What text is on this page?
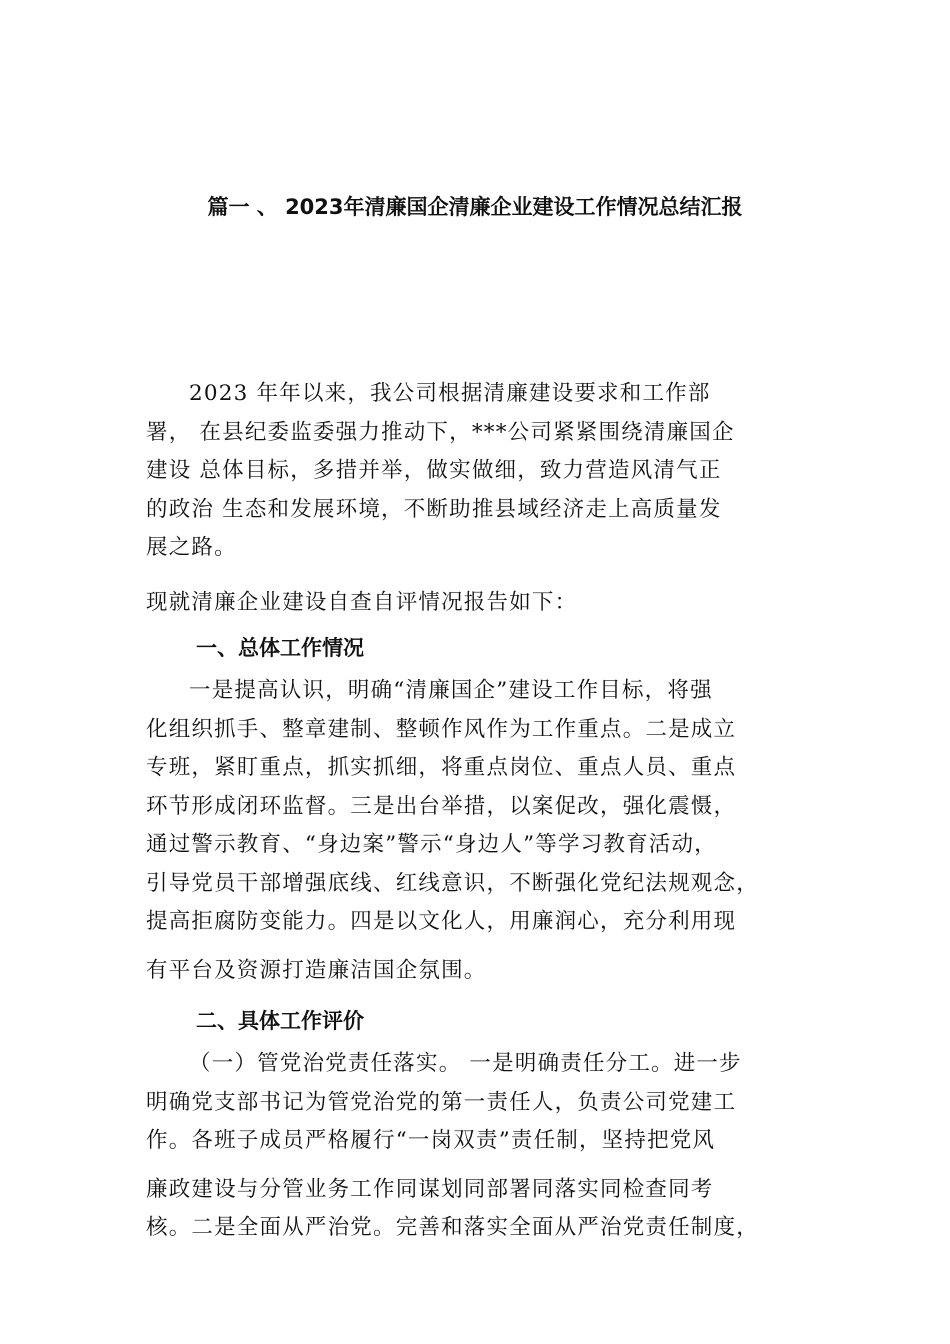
篇一 、 2023年清廉国企清廉企业建设工作情况总结汇报
2023 年年以来，我公司根据清廉建设要求和工作部
署， 在县纪委监委强力推动下，***公司紧紧围绕清廉国企
建设 总体目标，多措并举，做实做细，致力营造风清气正
的政治 生态和发展环境，不断助推县域经济走上高质量发
展之路。
现就清廉企业建设自查自评情况报告如下：
一、总体工作情况
一是提高认识，明确“清廉国企”建设工作目标，将强
化组织抓手、整章建制、整顿作风作为工作重点。二是成立
专班，紧盯重点，抓实抓细，将重点岗位、重点人员、重点
环节形成闭环监督。三是出台举措，以案促改，强化震慑，
通过警示教育、“身边案”警示“身边人”等学习教育活动，
引导党员干部增强底线、红线意识，不断强化党纪法规观念，
提高拒腐防变能力。四是以文化人，用廉润心，充分利用现
有平台及资源打造廉洁国企氛围。
二、具体工作评价
（一）管党治党责任落实。 一是明确责任分工。进一步
明确党支部书记为管党治党的第一责任人，负责公司党建工
作。各班子成员严格履行“一岗双责”责任制，坚持把党风
廉政建设与分管业务工作同谋划同部署同落实同检查同考
核。二是全面从严治党。完善和落实全面从严治党责任制度，
